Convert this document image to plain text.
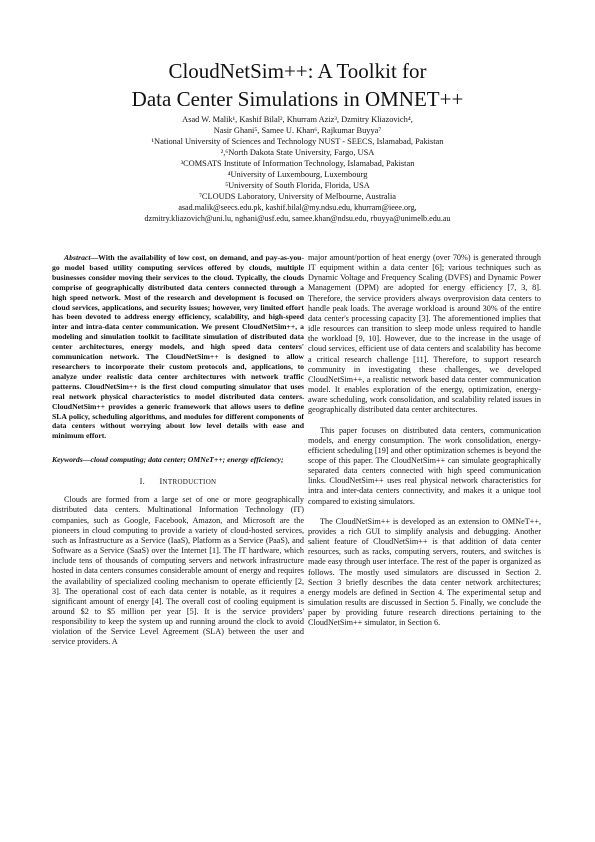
CloudNetSim++: A Toolkit for
Data Center Simulations in OMNET++
Asad W. Malik¹, Kashif Bilal², Khurram Aziz³, Dzmitry Kliazovich⁴,
Nasir Ghani⁵, Samee U. Khan⁶, Rajkumar Buyya⁷
¹National University of Sciences and Technology NUST - SEECS, Islamabad, Pakistan
²,⁶North Dakota State University, Fargo, USA
³COMSATS Institute of Information Technology, Islamabad, Pakistan
⁴University of Luxembourg, Luxembourg
⁵University of South Florida, Florida, USA
⁷CLOUDS Laboratory, University of Melbourne, Australia
asad.malik@seecs.edu.pk, kashif.bilal@my.ndsu.edu, khurram@ieee.org,
dzmitry.kliazovich@uni.lu, nghani@usf.edu, samee.khan@ndsu.edu, rbuyya@unimelb.edu.au

Abstract—With the availability of low cost, on demand, and pay-as-you-go model based utility computing services offered by clouds, multiple businesses consider moving their services to the cloud. Typically, the clouds comprise of geographically distributed data centers connected through a high speed network. Most of the research and development is focused on cloud services, applications, and security issues; however, very limited effort has been devoted to address energy efficiency, scalability, and high-speed inter and intra-data center communication. We present CloudNetSim++, a modeling and simulation toolkit to facilitate simulation of distributed data center architectures, energy models, and high speed data centers' communication network. The CloudNetSim++ is designed to allow researchers to incorporate their custom protocols and, applications, to analyze under realistic data center architectures with network traffic patterns. CloudNetSim++ is the first cloud computing simulator that uses real network physical characteristics to model distributed data centers. CloudNetSim++ provides a generic framework that allows users to define SLA policy, scheduling algorithms, and modules for different components of data centers without worrying about low level details with ease and minimum effort.

Keywords—cloud computing; data center; OMNeT++; energy efficiency;
I. INTRODUCTION

Clouds are formed from a large set of one or more geographically distributed data centers. Multinational Information Technology (IT) companies, such as Google, Facebook, Amazon, and Microsoft are the pioneers in cloud computing to provide a variety of cloud-hosted services, such as Infrastructure as a Service (IaaS), Platform as a Service (PaaS), and Software as a Service (SaaS) over the Internet [1]. The IT hardware, which include tens of thousands of computing servers and network infrastructure hosted in data centers consumes considerable amount of energy and requires the availability of specialized cooling mechanism to operate efficiently [2, 3]. The operational cost of each data center is notable, as it requires a significant amount of energy [4]. The overall cost of cooling equipment is around $2 to $5 million per year [5]. It is the service providers' responsibility to keep the system up and running around the clock to avoid violation of the Service Level Agreement (SLA) between the user and service providers. A

major amount/portion of heat energy (over 70%) is generated through IT equipment within a data center [6]; various techniques such as Dynamic Voltage and Frequency Scaling (DVFS) and Dynamic Power Management (DPM) are adopted for energy efficiency [7, 3, 8]. Therefore, the service providers always overprovision data centers to handle peak loads. The average workload is around 30% of the entire data center's processing capacity [3]. The aforementioned implies that idle resources can transition to sleep mode unless required to handle the workload [9, 10]. However, due to the increase in the usage of cloud services, efficient use of data centers and scalability has become a critical research challenge [11]. Therefore, to support research community in investigating these challenges, we developed CloudNetSim++, a realistic network based data center communication model. It enables exploration of the energy, optimization, energy-aware scheduling, work consolidation, and scalability related issues in geographically distributed data center architectures.

This paper focuses on distributed data centers, communication models, and energy consumption. The work consolidation, energy-efficient scheduling [19] and other optimization schemes is beyond the scope of this paper. The CloudNetSim++ can simulate geographically separated data centers connected with high speed communication links. CloudNetSim++ uses real physical network characteristics for intra and inter-data centers connectivity, and makes it a unique tool compared to existing simulators.

The CloudNetSim++ is developed as an extension to OMNeT++, provides a rich GUI to simplify analysis and debugging. Another salient feature of CloudNetSim++ is that addition of data center resources, such as racks, computing servers, routers, and switches is made easy through user interface. The rest of the paper is organized as follows. The mostly used simulators are discussed in Section 2. Section 3 briefly describes the data center network architectures; energy models are defined in Section 4. The experimental setup and simulation results are discussed in Section 5. Finally, we conclude the paper by providing future research directions pertaining to the CloudNetSim++ simulator, in Section 6.
